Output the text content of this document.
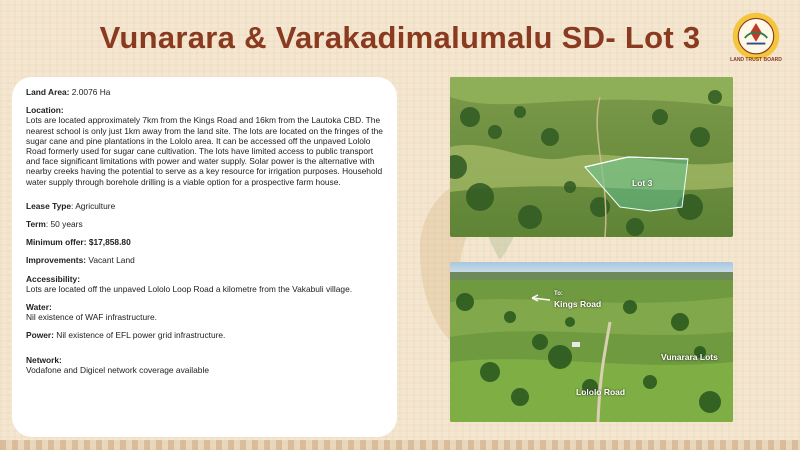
Vunarara & Varakadimalumalu SD- Lot 3
LAND TRUST BOARD
Land Area: 2.0076 Ha
Location:
Lots are located approximately 7km from the Kings Road and 16km from the Lautoka CBD. The nearest school is only just 1km away from the land site. The lots are located on the fringes of the sugar cane and pine plantations in the Lololo area. It can be accessed off the unpaved Lololo Road formerly used for sugar cane cultivation. The lots have limited access to public transport and face significant limitations with power and water supply. Solar power is the alternative with nearby creeks having the potential to serve as a key resource for irrigation purposes. Household water supply through borehole drilling is a viable option for a prospective farm house.
Lease Type: Agriculture
Term: 50 years
Minimum offer: $17,858.80
Improvements: Vacant Land
Accessibility:
Lots are located off the unpaved Lololo Loop Road a kilometre from the Vakabuli village.
Water:
Nil existence of WAF infrastructure.
Power: Nil existence of EFL power grid infrastructure.
Network:
Vodafone and Digicel network coverage available
Lot 3
To:
Kings Road
Vunarara Lots
Lololo Road
